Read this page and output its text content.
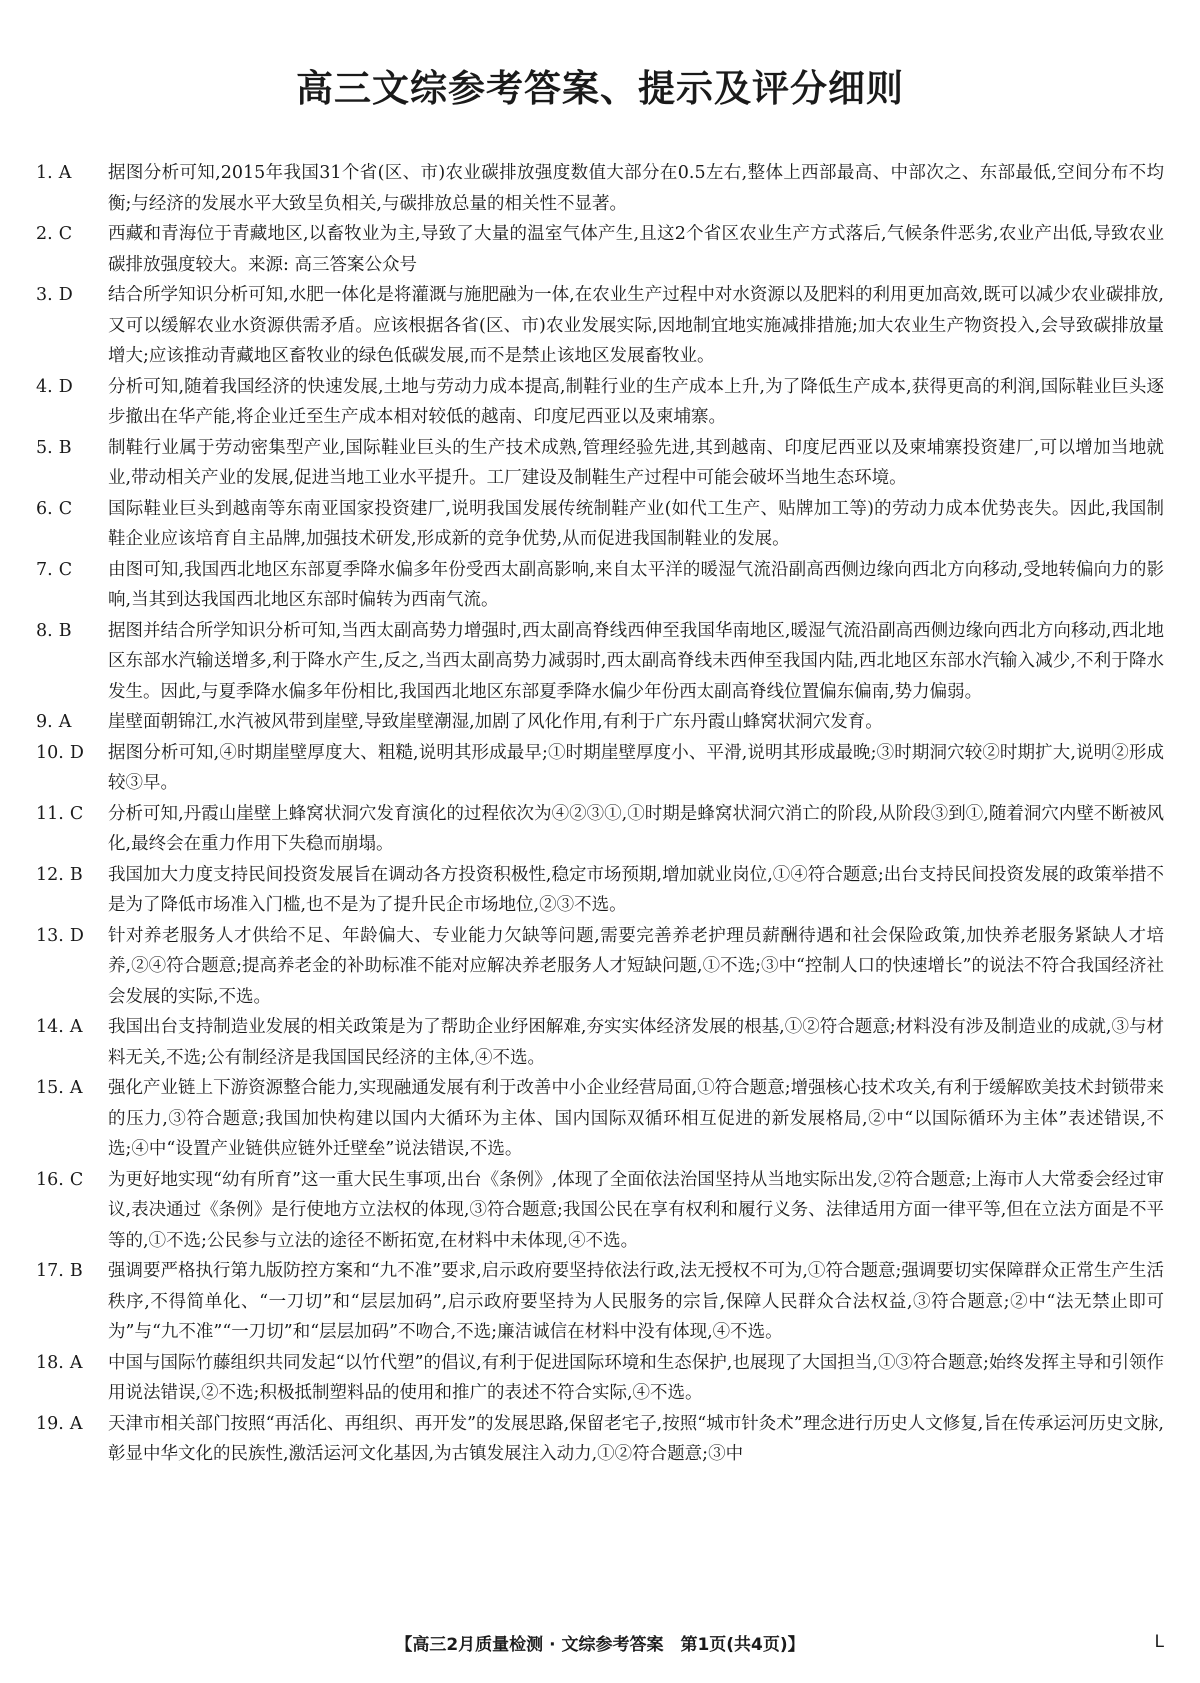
高三文综参考答案、提示及评分细则
1. A 据图分析可知,2015年我国31个省(区、市)农业碳排放强度数值大部分在0.5左右,整体上西部最高、中部次之、东部最低,空间分布不均衡;与经济的发展水平大致呈负相关,与碳排放总量的相关性不显著。
2. C 西藏和青海位于青藏地区,以畜牧业为主,导致了大量的温室气体产生,且这2个省区农业生产方式落后,气候条件恶劣,农业产出低,导致农业碳排放强度较大。来源: 高三答案公众号
3. D 结合所学知识分析可知,水肥一体化是将灌溉与施肥融为一体,在农业生产过程中对水资源以及肥料的利用更加高效,既可以减少农业碳排放,又可以缓解农业水资源供需矛盾。应该根据各省(区、市)农业发展实际,因地制宜地实施减排措施;加大农业生产物资投入,会导致碳排放量增大;应该推动青藏地区畜牧业的绿色低碳发展,而不是禁止该地区发展畜牧业。
4. D 分析可知,随着我国经济的快速发展,土地与劳动力成本提高,制鞋行业的生产成本上升,为了降低生产成本,获得更高的利润,国际鞋业巨头逐步撤出在华产能,将企业迁至生产成本相对较低的越南、印度尼西亚以及柬埔寨。
5. B 制鞋行业属于劳动密集型产业,国际鞋业巨头的生产技术成熟,管理经验先进,其到越南、印度尼西亚以及柬埔寨投资建厂,可以增加当地就业,带动相关产业的发展,促进当地工业水平提升。工厂建设及制鞋生产过程中可能会破坏当地生态环境。
6. C 国际鞋业巨头到越南等东南亚国家投资建厂,说明我国发展传统制鞋产业(如代工生产、贴牌加工等)的劳动力成本优势丧失。因此,我国制鞋企业应该培育自主品牌,加强技术研发,形成新的竞争优势,从而促进我国制鞋业的发展。
7. C 由图可知,我国西北地区东部夏季降水偏多年份受西太副高影响,来自太平洋的暖湿气流沿副高西侧边缘向西北方向移动,受地转偏向力的影响,当其到达我国西北地区东部时偏转为西南气流。
8. B 据图并结合所学知识分析可知,当西太副高势力增强时,西太副高脊线西伸至我国华南地区,暖湿气流沿副高西侧边缘向西北方向移动,西北地区东部水汽输送增多,利于降水产生,反之,当西太副高势力减弱时,西太副高脊线未西伸至我国内陆,西北地区东部水汽输入减少,不利于降水发生。因此,与夏季降水偏多年份相比,我国西北地区东部夏季降水偏少年份西太副高脊线位置偏东偏南,势力偏弱。
9. A 崖壁面朝锦江,水汽被风带到崖壁,导致崖壁潮湿,加剧了风化作用,有利于广东丹霞山蜂窝状洞穴发育。
10. D 据图分析可知,④时期崖壁厚度大、粗糙,说明其形成最早;①时期崖壁厚度小、平滑,说明其形成最晚;③时期洞穴较②时期扩大,说明②形成较③早。
11. C 分析可知,丹霞山崖壁上蜂窝状洞穴发育演化的过程依次为④②③①,①时期是蜂窝状洞穴消亡的阶段,从阶段③到①,随着洞穴内壁不断被风化,最终会在重力作用下失稳而崩塌。
12. B 我国加大力度支持民间投资发展旨在调动各方投资积极性,稳定市场预期,增加就业岗位,①④符合题意;出台支持民间投资发展的政策举措不是为了降低市场准入门槛,也不是为了提升民企市场地位,②③不选。
13. D 针对养老服务人才供给不足、年龄偏大、专业能力欠缺等问题,需要完善养老护理员薪酬待遇和社会保险政策,加快养老服务紧缺人才培养,②④符合题意;提高养老金的补助标准不能对应解决养老服务人才短缺问题,①不选;③中“控制人口的快速增长”的说法不符合我国经济社会发展的实际,不选。
14. A 我国出台支持制造业发展的相关政策是为了帮助企业纾困解难,夯实实体经济发展的根基,①②符合题意;材料没有涉及制造业的成就,③与材料无关,不选;公有制经济是我国国民经济的主体,④不选。
15. A 强化产业链上下游资源整合能力,实现融通发展有利于改善中小企业经营局面,①符合题意;增强核心技术攻关,有利于缓解欧美技术封锁带来的压力,③符合题意;我国加快构建以国内大循环为主体、国内国际双循环相互促进的新发展格局,②中“以国际循环为主体”表述错误,不选;④中“设置产业链供应链外迁壁垒”说法错误,不选。
16. C 为更好地实现“幼有所育”这一重大民生事项,出台《条例》,体现了全面依法治国坚持从当地实际出发,②符合题意;上海市人大常委会经过审议,表决通过《条例》是行使地方立法权的体现,③符合题意;我国公民在享有权利和履行义务、法律适用方面一律平等,但在立法方面是不平等的,①不选;公民参与立法的途径不断拓宽,在材料中未体现,④不选。
17. B 强调要严格执行第九版防控方案和“九不准”要求,启示政府要坚持依法行政,法无授权不可为,①符合题意;强调要切实保障群众正常生产生活秩序,不得简单化、“一刀切”和“层层加码”,启示政府要坚持为人民服务的宗旨,保障人民群众合法权益,③符合题意;②中“法无禁止即可为”与“九不准”“一刀切”和“层层加码”不吻合,不选;廉洁诚信在材料中没有体现,④不选。
18. A 中国与国际竹藤组织共同发起“以竹代塑”的倡议,有利于促进国际环境和生态保护,也展现了大国担当,①③符合题意;始终发挥主导和引领作用说法错误,②不选;积极抵制塑料品的使用和推广的表述不符合实际,④不选。
19. A 天津市相关部门按照“再活化、再组织、再开发”的发展思路,保留老宅子,按照“城市针灸术”理念进行历史人文修复,旨在传承运河历史文脉,彰显中华文化的民族性,激活运河文化基因,为古镇发展注入动力,①②符合题意;③中
【高三2月质量检测 · 文综参考答案　第1页(共4页)】	L
